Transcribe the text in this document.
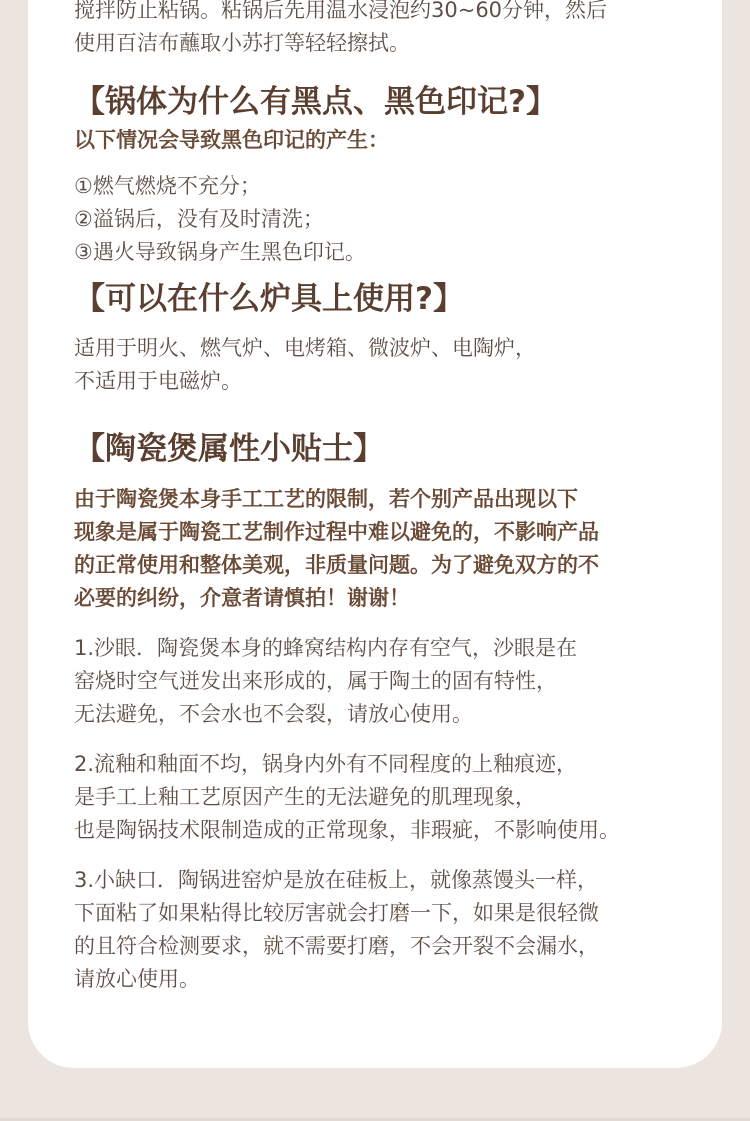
搅拌防止粘锅。粘锅后先用温水浸泡约30~60分钟，然后

使用百洁布蘸取小苏打等轻轻擦拭。

【锅体为什么有黑点、黑色印记?】

以下情况会导致黑色印记的产生：

①燃气燃烧不充分；

②溢锅后，没有及时清洗；

③遇火导致锅身产生黑色印记。

【可以在什么炉具上使用?】

适用于明火、燃气炉、电烤箱、微波炉、电陶炉，

不适用于电磁炉。

【陶瓷煲属性小贴士】

由于陶瓷煲本身手工工艺的限制，若个别产品出现以下

现象是属于陶瓷工艺制作过程中难以避免的，不影响产品

的正常使用和整体美观，非质量问题。为了避免双方的不

必要的纠纷，介意者请慎拍！谢谢！

1.沙眼．陶瓷煲本身的蜂窝结构内存有空气，沙眼是在

窑烧时空气迸发出来形成的，属于陶土的固有特性，

无法避免，不会水也不会裂，请放心使用。

2.流釉和釉面不均，锅身内外有不同程度的上釉痕迹，

是手工上釉工艺原因产生的无法避免的肌理现象，

也是陶锅技术限制造成的正常现象，非瑕疵，不影响使用。

3.小缺口．陶锅进窑炉是放在硅板上，就像蒸馒头一样，

下面粘了如果粘得比较厉害就会打磨一下，如果是很轻微

的且符合检测要求，就不需要打磨，不会开裂不会漏水，

请放心使用。
